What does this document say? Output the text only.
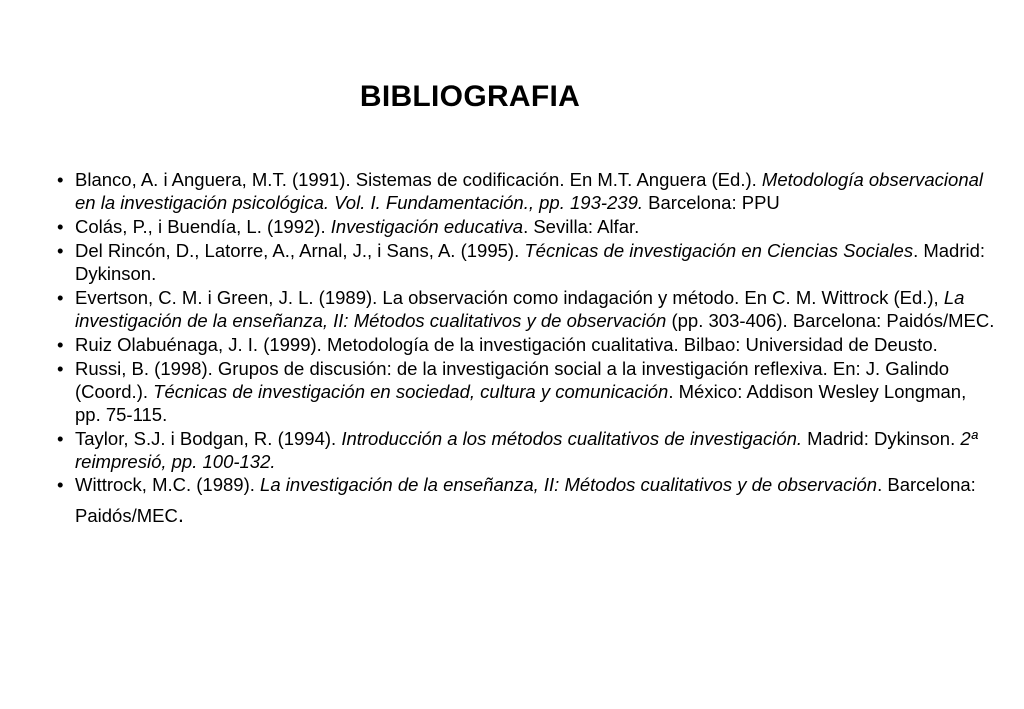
BIBLIOGRAFIA
• Blanco, A. i Anguera, M.T. (1991). Sistemas de codificación. En M.T. Anguera (Ed.). Metodología observacional en la investigación psicológica. Vol. I. Fundamentación., pp. 193-239. Barcelona: PPU
• Colás, P., i Buendía, L. (1992). Investigación educativa. Sevilla: Alfar.
• Del Rincón, D., Latorre, A., Arnal, J., i Sans, A. (1995). Técnicas de investigación en Ciencias Sociales. Madrid: Dykinson.
• Evertson, C. M. i Green, J. L. (1989). La observación como indagación y método. En C. M. Wittrock (Ed.), La investigación de la enseñanza, II: Métodos cualitativos y de observación (pp. 303-406). Barcelona: Paidós/MEC.
• Ruiz Olabuénaga, J. I. (1999). Metodología de la investigación cualitativa. Bilbao: Universidad de Deusto.
• Russi, B. (1998). Grupos de discusión: de la investigación social a la investigación reflexiva. En: J. Galindo (Coord.). Técnicas de investigación en sociedad, cultura y comunicación. México: Addison Wesley Longman, pp. 75-115.
• Taylor, S.J. i Bodgan, R. (1994). Introducción a los métodos cualitativos de investigación. Madrid: Dykinson. 2ª reimpresió, pp. 100-132.
• Wittrock, M.C. (1989). La investigación de la enseñanza, II: Métodos cualitativos y de observación. Barcelona: Paidós/MEC.
